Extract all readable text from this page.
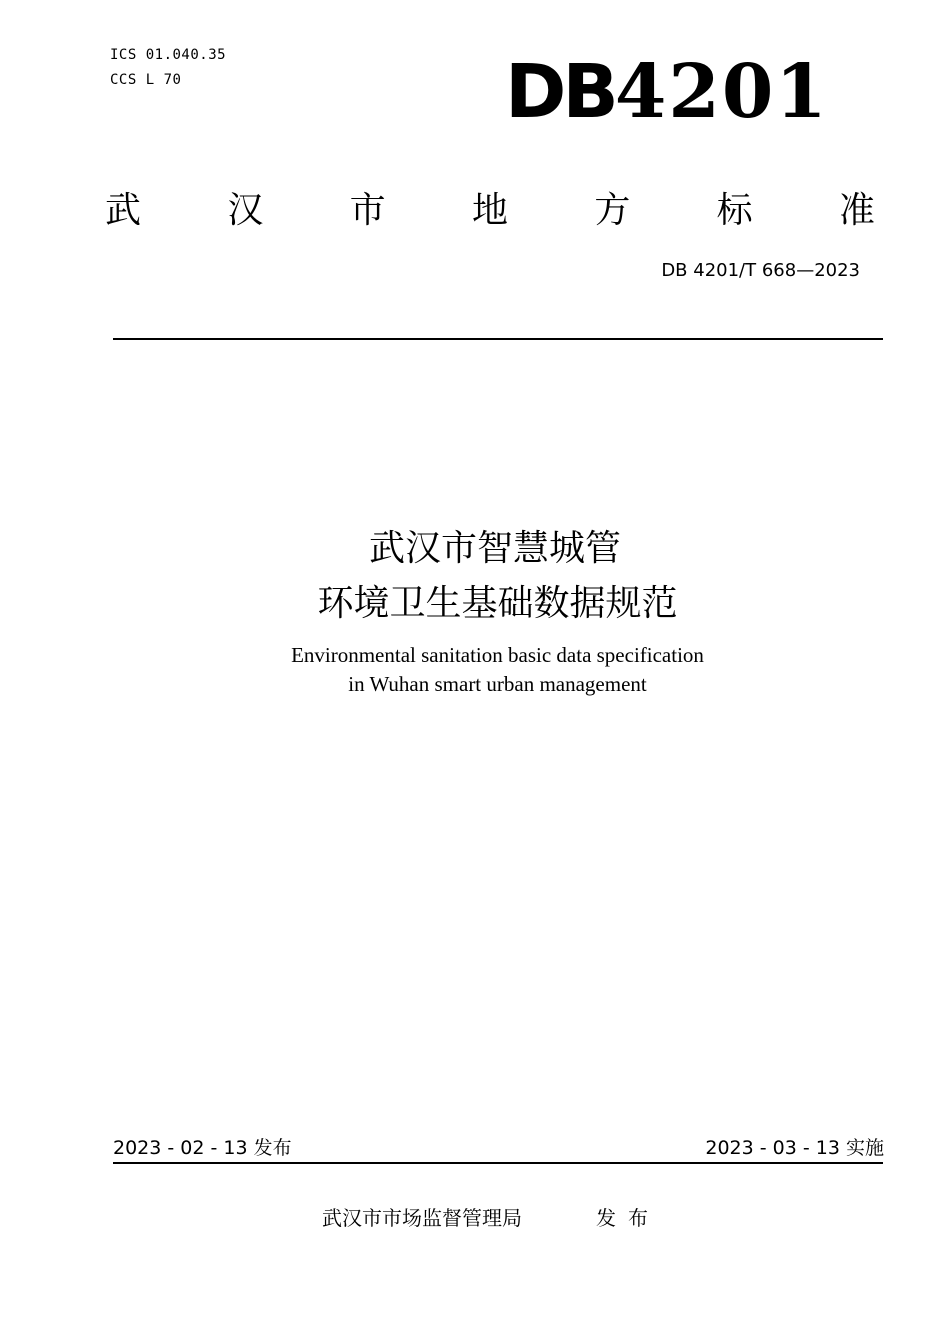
ICS 01.040.35
CCS L 70	DB4201
武 汉 市 地 方 标 准
DB 4201/T 668—2023
武汉市智慧城管
环境卫生基础数据规范
Environmental sanitation basic data specification
in Wuhan smart urban management
2023 - 02 - 13 发布	2023 - 03 - 13 实施
武汉市市场监督管理局	发布
